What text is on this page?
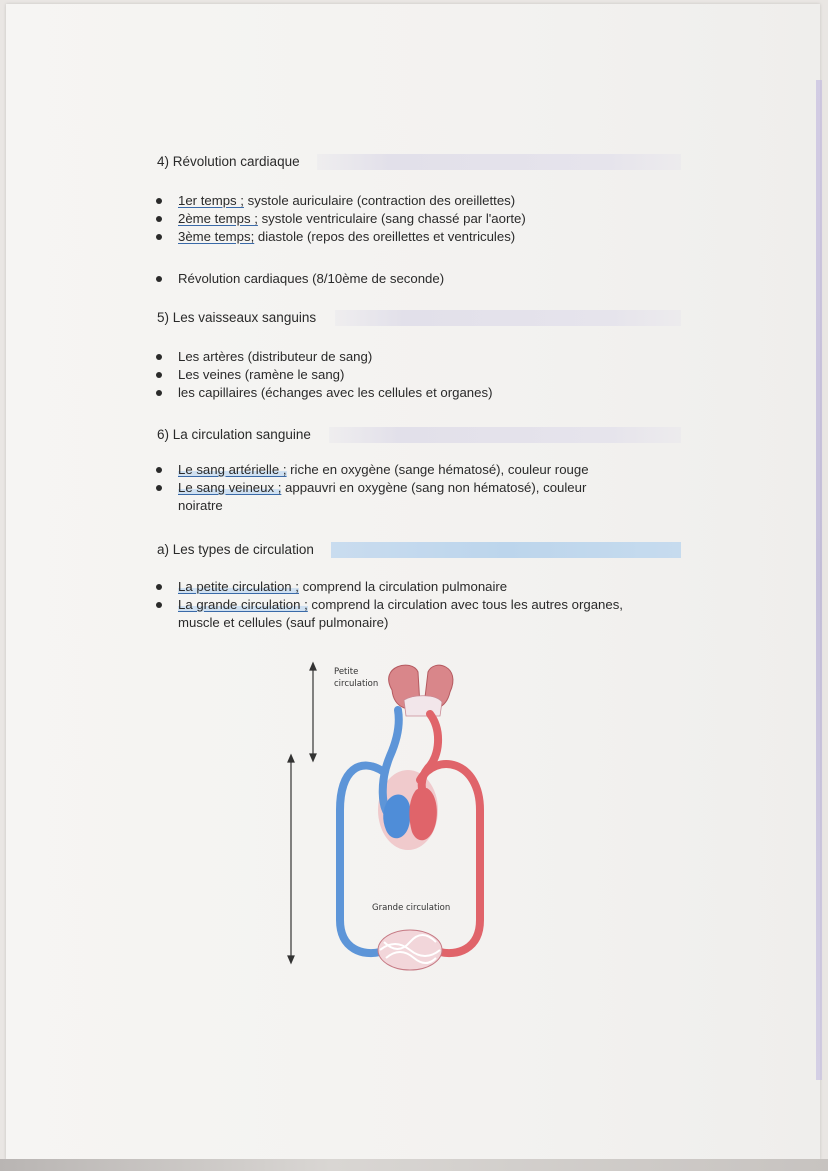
4) Révolution cardiaque
1er temps ; systole auriculaire (contraction des oreillettes)
2ème temps ; systole ventriculaire (sang chassé par l'aorte)
3ème temps; diastole (repos des oreillettes et ventricules)
Révolution cardiaques (8/10ème de seconde)
5) Les vaisseaux sanguins
Les artères (distributeur de sang)
Les veines (ramène le sang)
les capillaires (échanges avec les cellules et organes)
6) La circulation sanguine
Le sang artérielle ; riche en oxygène (sange hématosé), couleur rouge
Le sang veineux ; appauvri en oxygène (sang non hématosé), couleur
noiratre
a) Les types de circulation
La petite circulation ; comprend la circulation pulmonaire
La grande circulation ; comprend la circulation avec tous les autres organes,
muscle et cellules (sauf pulmonaire)
Petite
circulation
Grande circulation
